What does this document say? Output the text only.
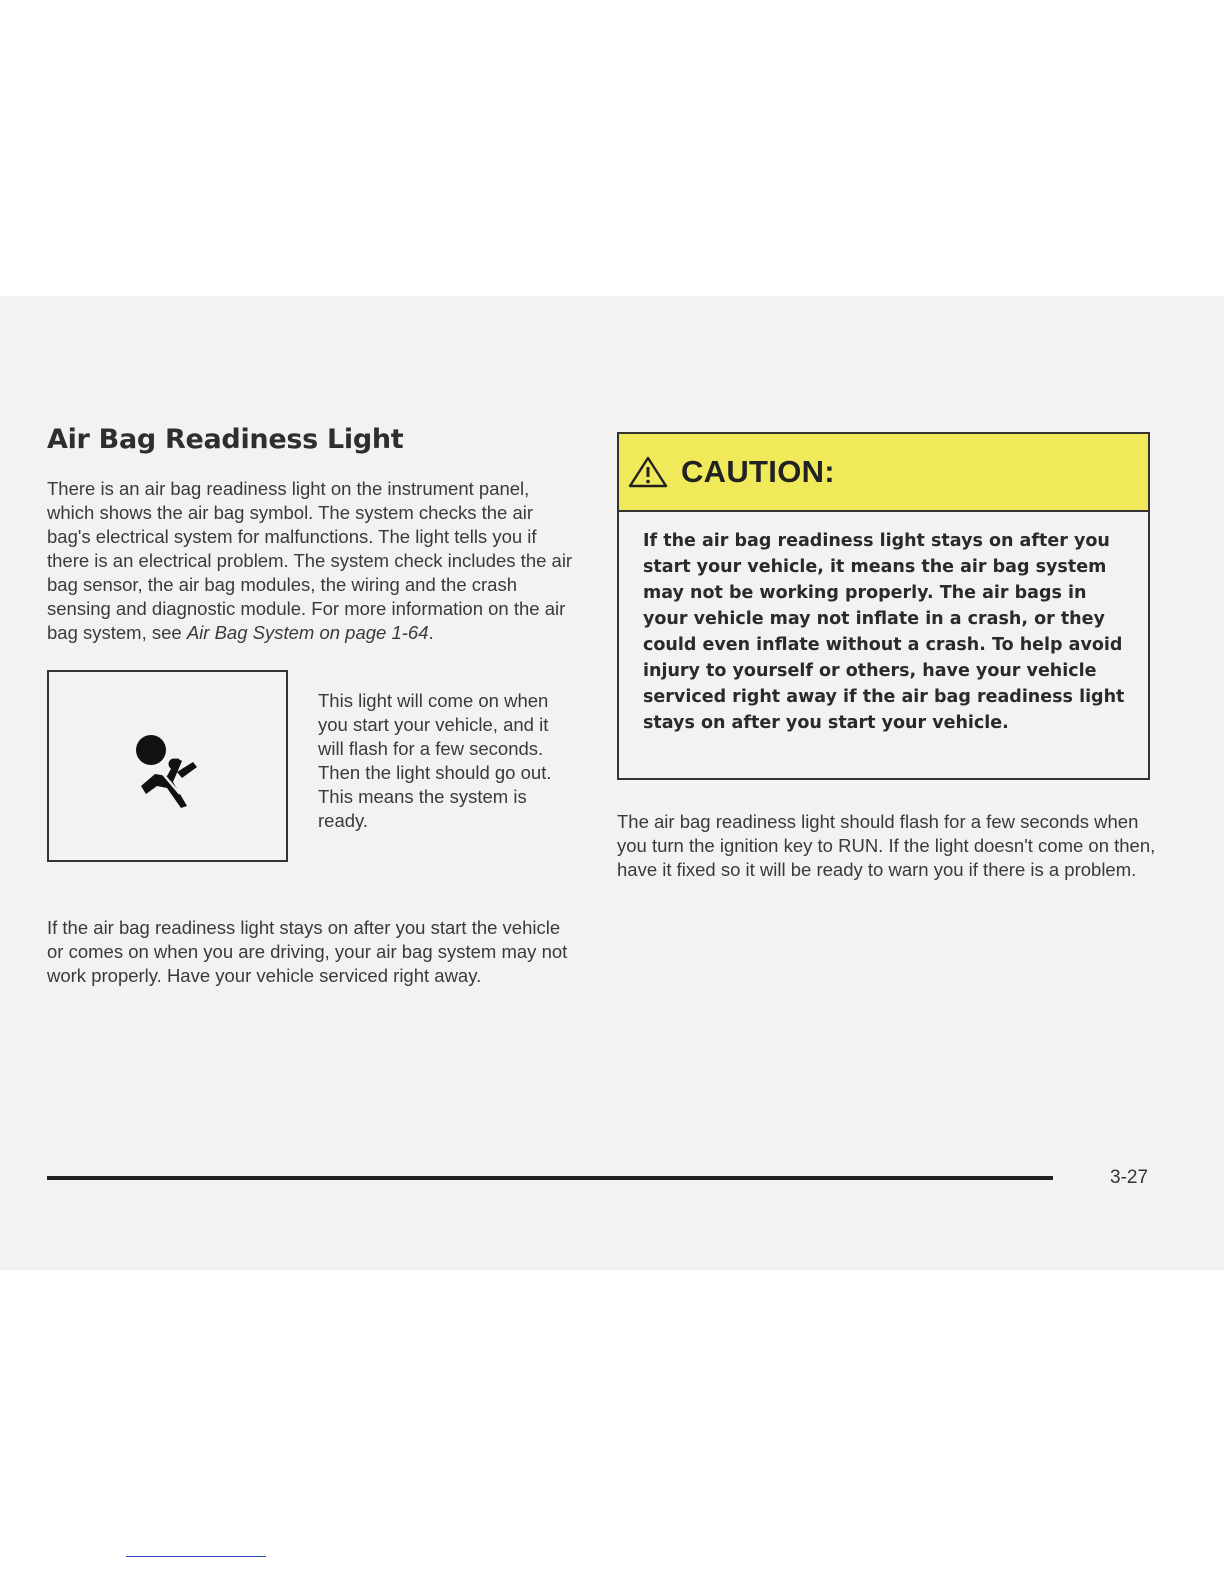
Air Bag Readiness Light

There is an air bag readiness light on the instrument panel, which shows the air bag symbol. The system checks the air bag's electrical system for malfunctions. The light tells you if there is an electrical problem. The system check includes the air bag sensor, the air bag modules, the wiring and the crash sensing and diagnostic module. For more information on the air bag system, see Air Bag System on page 1-64.

This light will come on when you start your vehicle, and it will flash for a few seconds. Then the light should go out. This means the system is ready.

If the air bag readiness light stays on after you start the vehicle or comes on when you are driving, your air bag system may not work properly. Have your vehicle serviced right away.

CAUTION:

If the air bag readiness light stays on after you start your vehicle, it means the air bag system may not be working properly. The air bags in your vehicle may not inflate in a crash, or they could even inflate without a crash. To help avoid injury to yourself or others, have your vehicle serviced right away if the air bag readiness light stays on after you start your vehicle.

The air bag readiness light should flash for a few seconds when you turn the ignition key to RUN. If the light doesn't come on then, have it fixed so it will be ready to warn you if there is a problem.

3-27
